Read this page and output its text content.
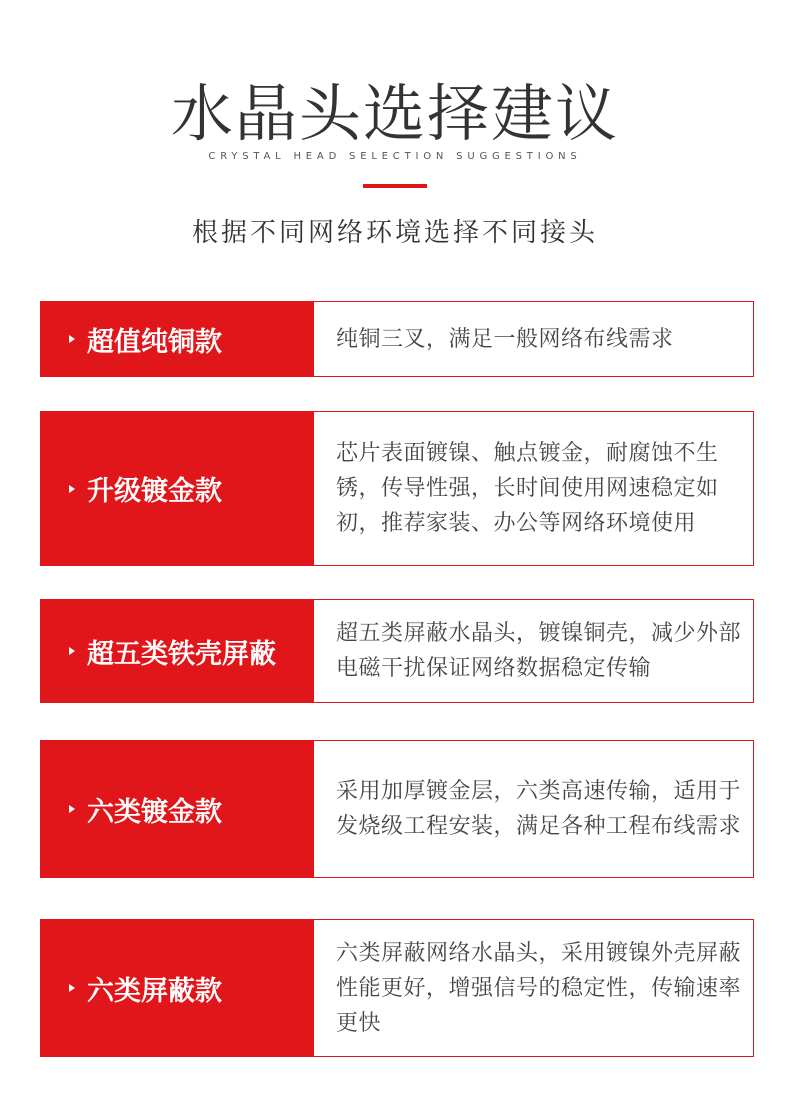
水晶头选择建议
CRYSTAL HEAD SELECTION SUGGESTIONS
根据不同网络环境选择不同接头
超值纯铜款	纯铜三叉，满足一般网络布线需求
升级镀金款
芯片表面镀镍、触点镀金，耐腐蚀不生锈，传导性强，长时间使用网速稳定如初，推荐家装、办公等网络环境使用
超五类铁壳屏蔽
超五类屏蔽水晶头，镀镍铜壳，减少外部电磁干扰保证网络数据稳定传输
六类镀金款
采用加厚镀金层，六类高速传输，适用于发烧级工程安装，满足各种工程布线需求
六类屏蔽款
六类屏蔽网络水晶头，采用镀镍外壳屏蔽性能更好，增强信号的稳定性，传输速率更快
